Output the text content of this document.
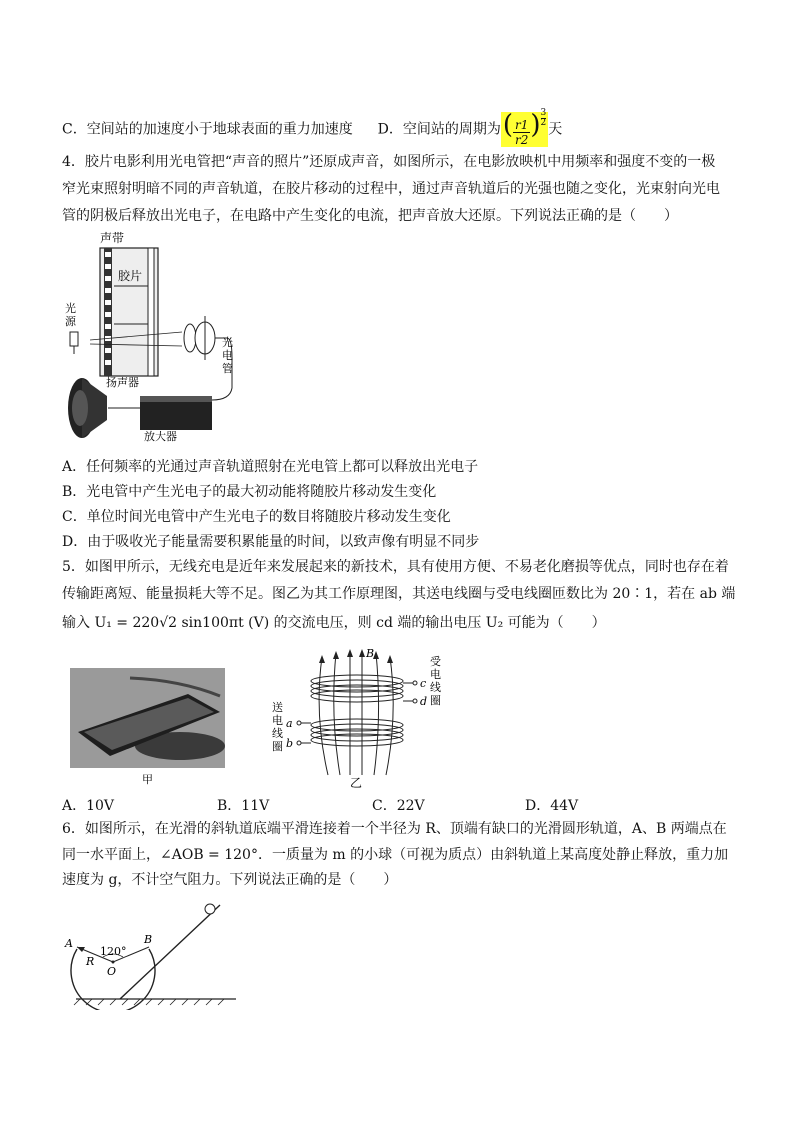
C．空间站的加速度小于地球表面的重力加速度 D．空间站的周期为( $\frac{r1}{r2}$ ) $\frac{3}{2}$
天
4．胶片电影利用光电管把“声音的照片”还原成声音，如图所示，在电影放映机中用频率和强度不变的一极
窄光束照射明暗不同的声音轨道，在胶片移动的过程中，通过声音轨道后的光强也随之变化，光束射向光电
管的阴极后释放出光电子，在电路中产生变化的电流，把声音放大还原。下列说法正确的是（　　）
声带
胶片
光
源
光
电
管
扬声器
放大器
A．任何频率的光通过声音轨道照射在光电管上都可以释放出光电子
B．光电管中产生光电子的最大初动能将随胶片移动发生变化
C．单位时间光电管中产生光电子的数目将随胶片移动发生变化
D．由于吸收光子能量需要积累能量的时间，以致声像有明显不同步
5．如图甲所示，无线充电是近年来发展起来的新技术，具有使用方便、不易老化磨损等优点，同时也存在着
传输距离短、能量损耗大等不足。图乙为其工作原理图，其送电线圈与受电线圈匝数比为 20∶1，若在 ab 端
输入 U₁ = 220√2 sin100πt (V) 的交流电压，则 cd 端的输出电压 U₂ 可能为（　　）
甲
B
c
d
受
电
线
圈
a
b
送
电
线
圈
乙
A．10V	B．11V	C．22V	D．44V
6．如图所示，在光滑的斜轨道底端平滑连接着一个半径为 R、顶端有缺口的光滑圆形轨道，A、B 两端点在
同一水平面上，∠AOB = 120°．一质量为 m 的小球（可视为质点）由斜轨道上某高度处静止释放，重力加
速度为 g，不计空气阻力。下列说法正确的是（　　）
120°
A	B
R
O
